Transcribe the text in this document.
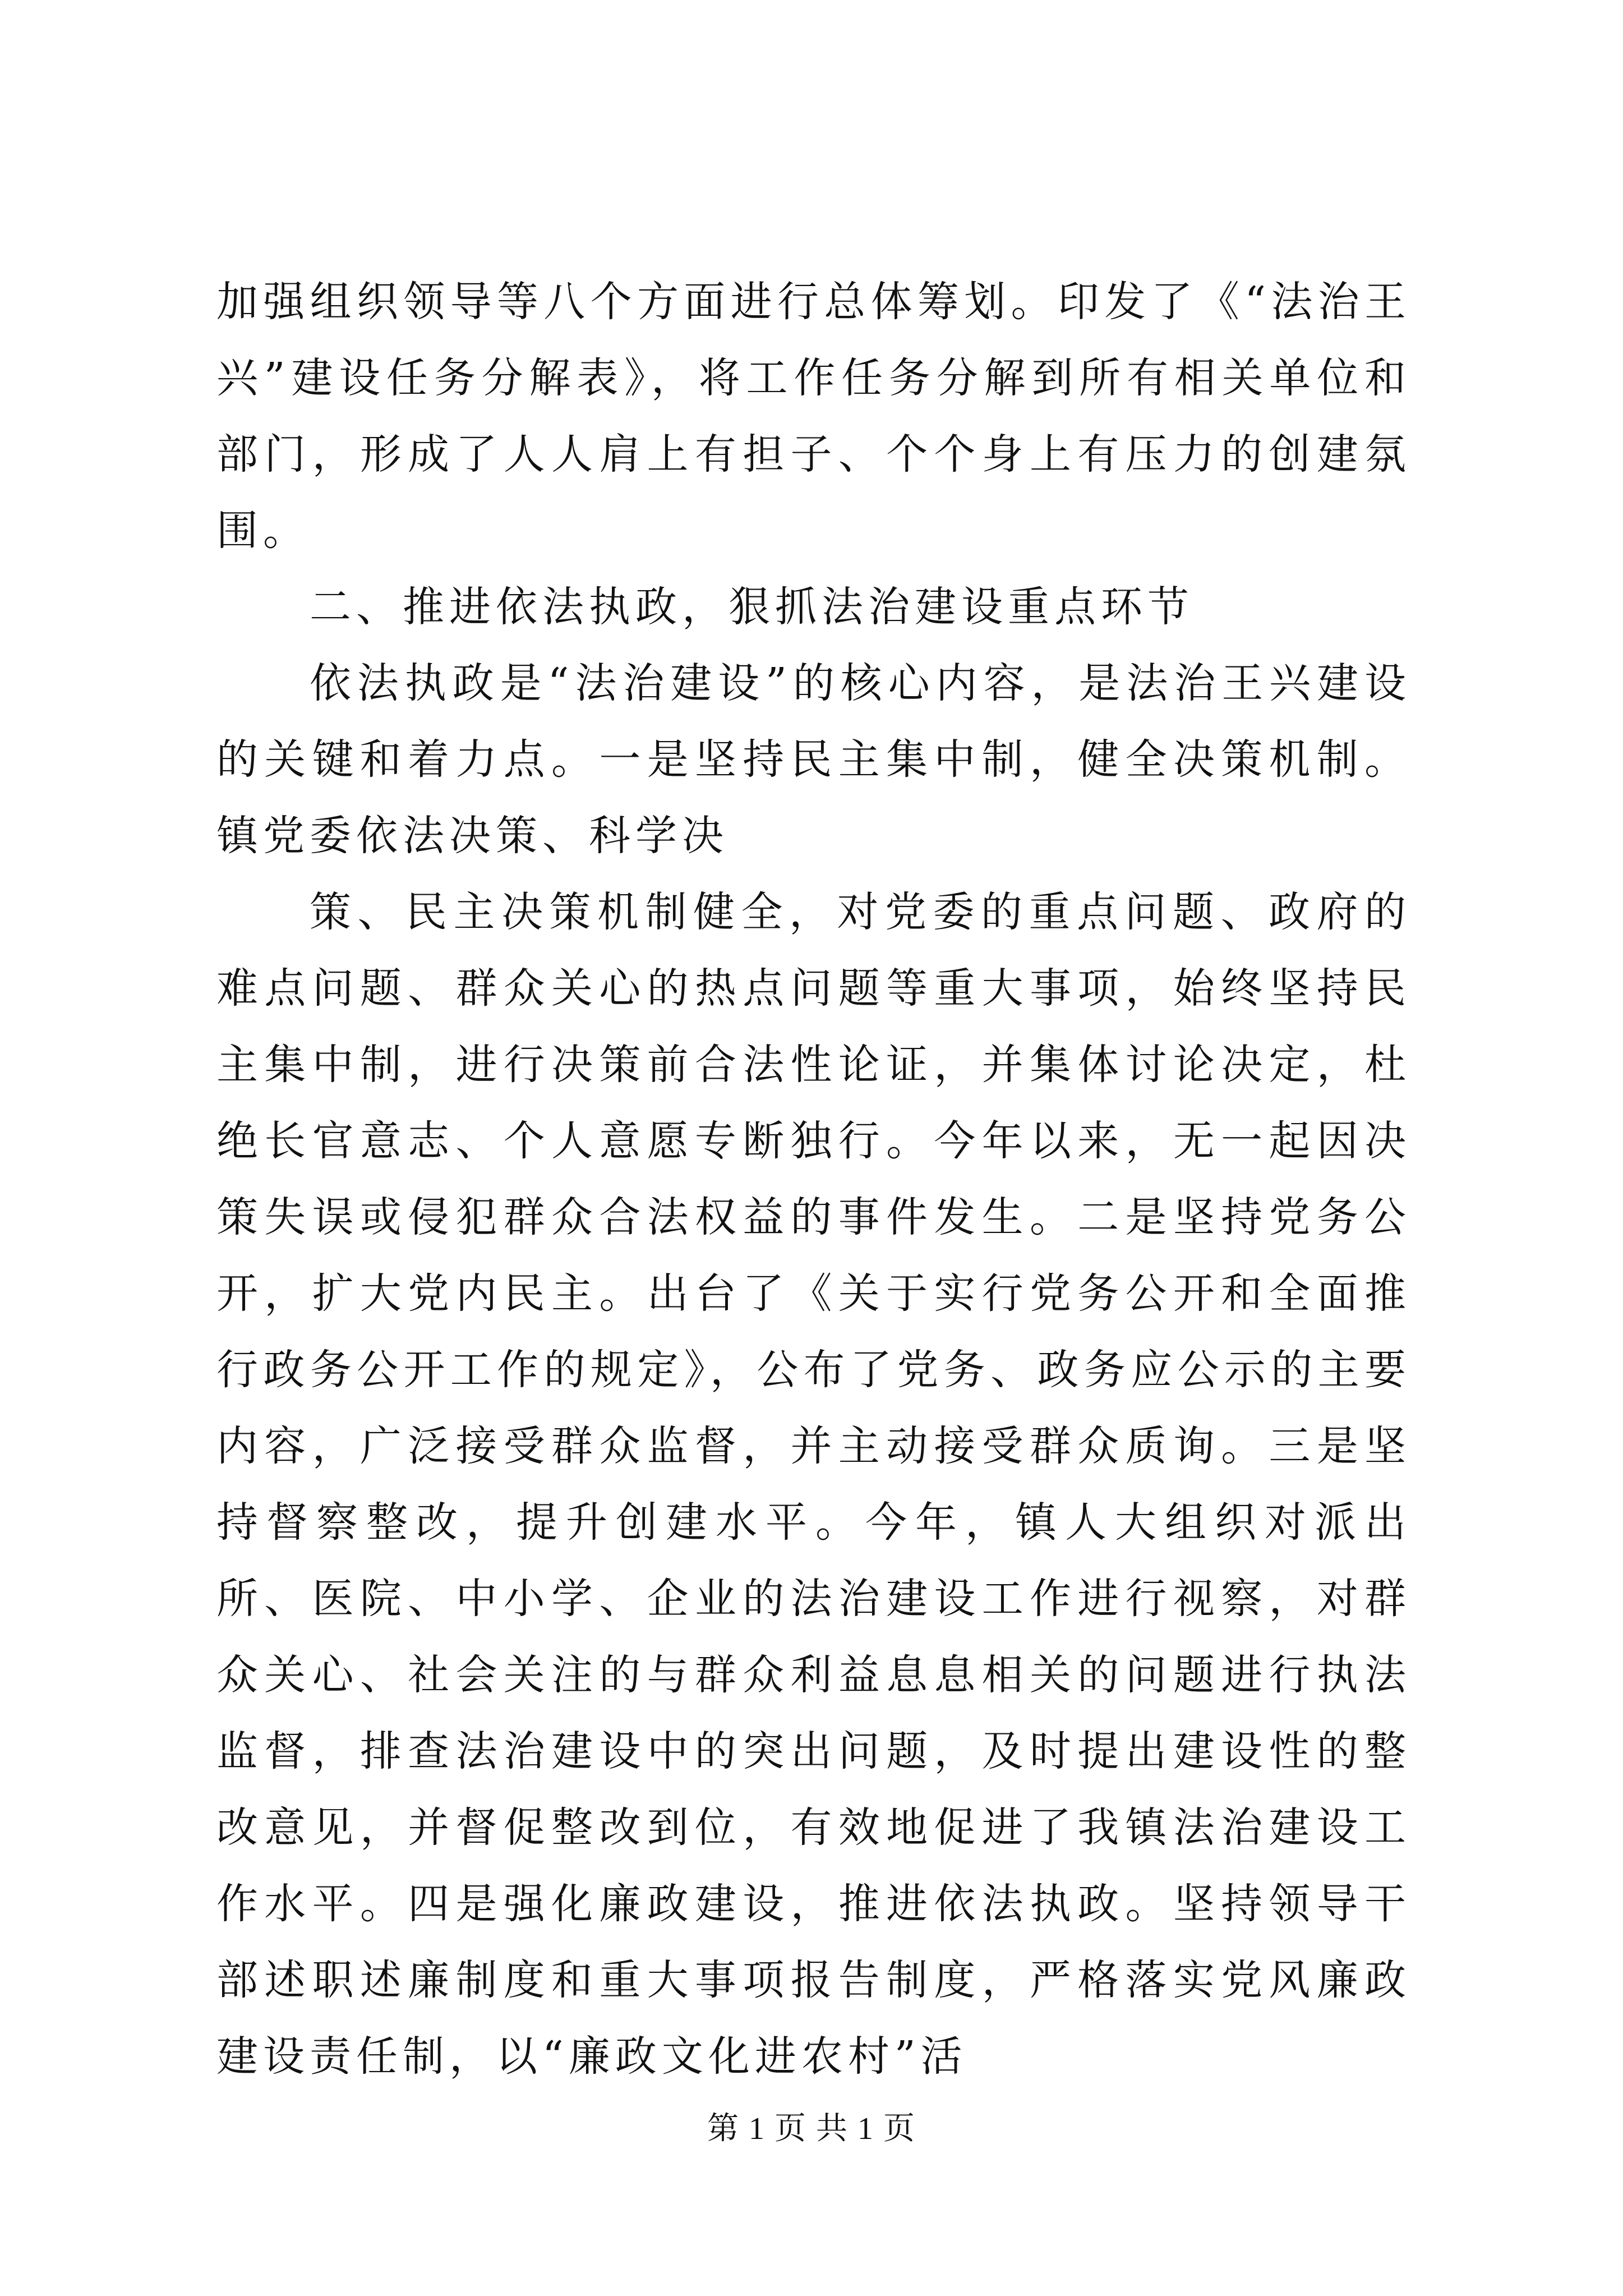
加强组织领导等八个方面进行总体筹划。印发了《“法治王兴”建设任务分解表》，将工作任务分解到所有相关单位和部门，形成了人人肩上有担子、个个身上有压力的创建氛围。

二、推进依法执政，狠抓法治建设重点环节

依法执政是“法治建设”的核心内容，是法治王兴建设的关键和着力点。一是坚持民主集中制，健全决策机制。镇党委依法决策、科学决

策、民主决策机制健全，对党委的重点问题、政府的难点问题、群众关心的热点问题等重大事项，始终坚持民主集中制，进行决策前合法性论证，并集体讨论决定，杜绝长官意志、个人意愿专断独行。今年以来，无一起因决策失误或侵犯群众合法权益的事件发生。二是坚持党务公开，扩大党内民主。出台了《关于实行党务公开和全面推行政务公开工作的规定》，公布了党务、政务应公示的主要内容，广泛接受群众监督，并主动接受群众质询。三是坚持督察整改，提升创建水平。今年，镇人大组织对派出所、医院、中小学、企业的法治建设工作进行视察，对群众关心、社会关注的与群众利益息息相关的问题进行执法监督，排查法治建设中的突出问题，及时提出建设性的整改意见，并督促整改到位，有效地促进了我镇法治建设工作水平。四是强化廉政建设，推进依法执政。坚持领导干部述职述廉制度和重大事项报告制度，严格落实党风廉政建设责任制，以“廉政文化进农村”活

第 1 页 共 1 页
